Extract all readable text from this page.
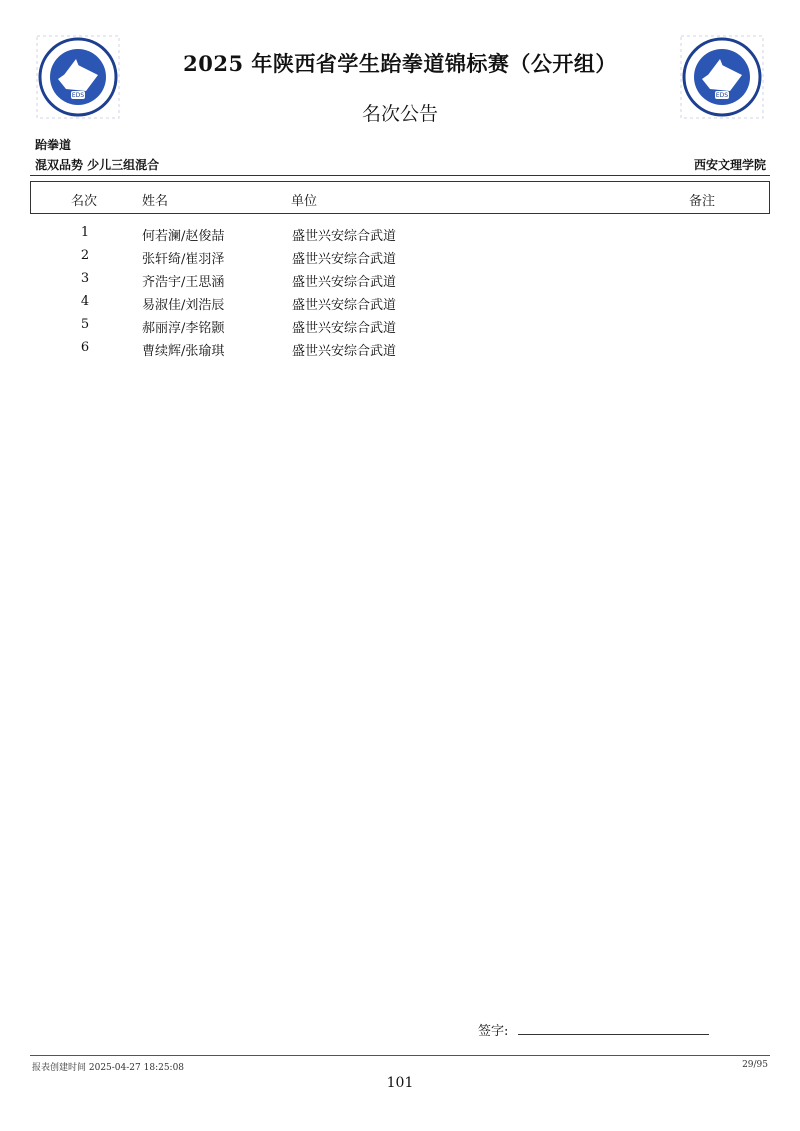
EDS	EDS
2025 年陕西省学生跆拳道锦标赛（公开组）
名次公告
跆拳道
混双品势 少儿三组混合	西安文理学院
名次	姓名	单位	备注
1	何若澜/赵俊喆	盛世兴安综合武道
2	张轩绮/崔羽泽	盛世兴安综合武道
3	齐浩宇/王思涵	盛世兴安综合武道
4	易淑佳/刘浩辰	盛世兴安综合武道
5	郝丽淳/李铭颢	盛世兴安综合武道
6	曹续辉/张瑜琪	盛世兴安综合武道
签字:
报表创建时间 2025-04-27 18:25:08	29/95
101
